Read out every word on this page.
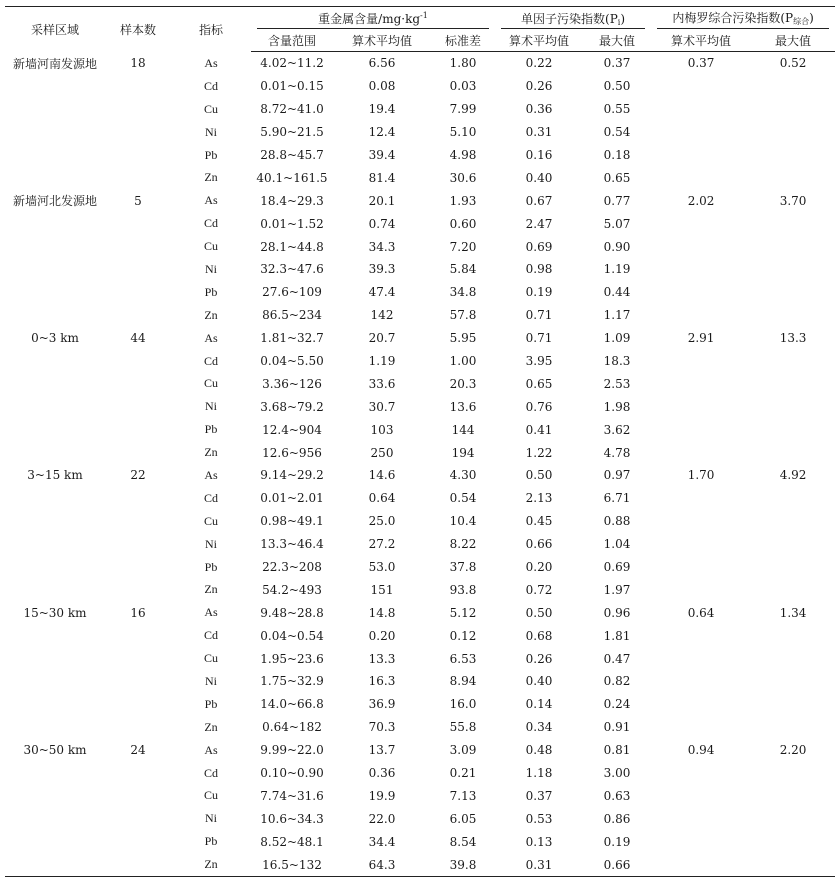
采样区域	样本数	指标	重金属含量/mg·kg-1			单因子污染指数(Pi)		内梅罗综合污染指数(P综合)	
			含量范围	算术平均值	标准差	算术平均值	最大值	算术平均值	最大值
新墙河南发源地	18	As	4.02~11.2	6.56	1.80	0.22	0.37	0.37	0.52
		Cd	0.01~0.15	0.08	0.03	0.26	0.50		
		Cu	8.72~41.0	19.4	7.99	0.36	0.55		
		Ni	5.90~21.5	12.4	5.10	0.31	0.54		
		Pb	28.8~45.7	39.4	4.98	0.16	0.18		
		Zn	40.1~161.5	81.4	30.6	0.40	0.65		
新墙河北发源地	5	As	18.4~29.3	20.1	1.93	0.67	0.77	2.02	3.70
		Cd	0.01~1.52	0.74	0.60	2.47	5.07		
		Cu	28.1~44.8	34.3	7.20	0.69	0.90		
		Ni	32.3~47.6	39.3	5.84	0.98	1.19		
		Pb	27.6~109	47.4	34.8	0.19	0.44		
		Zn	86.5~234	142	57.8	0.71	1.17		
0~3 km	44	As	1.81~32.7	20.7	5.95	0.71	1.09	2.91	13.3
		Cd	0.04~5.50	1.19	1.00	3.95	18.3		
		Cu	3.36~126	33.6	20.3	0.65	2.53		
		Ni	3.68~79.2	30.7	13.6	0.76	1.98		
		Pb	12.4~904	103	144	0.41	3.62		
		Zn	12.6~956	250	194	1.22	4.78		
3~15 km	22	As	9.14~29.2	14.6	4.30	0.50	0.97	1.70	4.92
		Cd	0.01~2.01	0.64	0.54	2.13	6.71		
		Cu	0.98~49.1	25.0	10.4	0.45	0.88		
		Ni	13.3~46.4	27.2	8.22	0.66	1.04		
		Pb	22.3~208	53.0	37.8	0.20	0.69		
		Zn	54.2~493	151	93.8	0.72	1.97		
15~30 km	16	As	9.48~28.8	14.8	5.12	0.50	0.96	0.64	1.34
		Cd	0.04~0.54	0.20	0.12	0.68	1.81		
		Cu	1.95~23.6	13.3	6.53	0.26	0.47		
		Ni	1.75~32.9	16.3	8.94	0.40	0.82		
		Pb	14.0~66.8	36.9	16.0	0.14	0.24		
		Zn	0.64~182	70.3	55.8	0.34	0.91		
30~50 km	24	As	9.99~22.0	13.7	3.09	0.48	0.81	0.94	2.20
		Cd	0.10~0.90	0.36	0.21	1.18	3.00		
		Cu	7.74~31.6	19.9	7.13	0.37	0.63		
		Ni	10.6~34.3	22.0	6.05	0.53	0.86		
		Pb	8.52~48.1	34.4	8.54	0.13	0.19		
		Zn	16.5~132	64.3	39.8	0.31	0.66		
